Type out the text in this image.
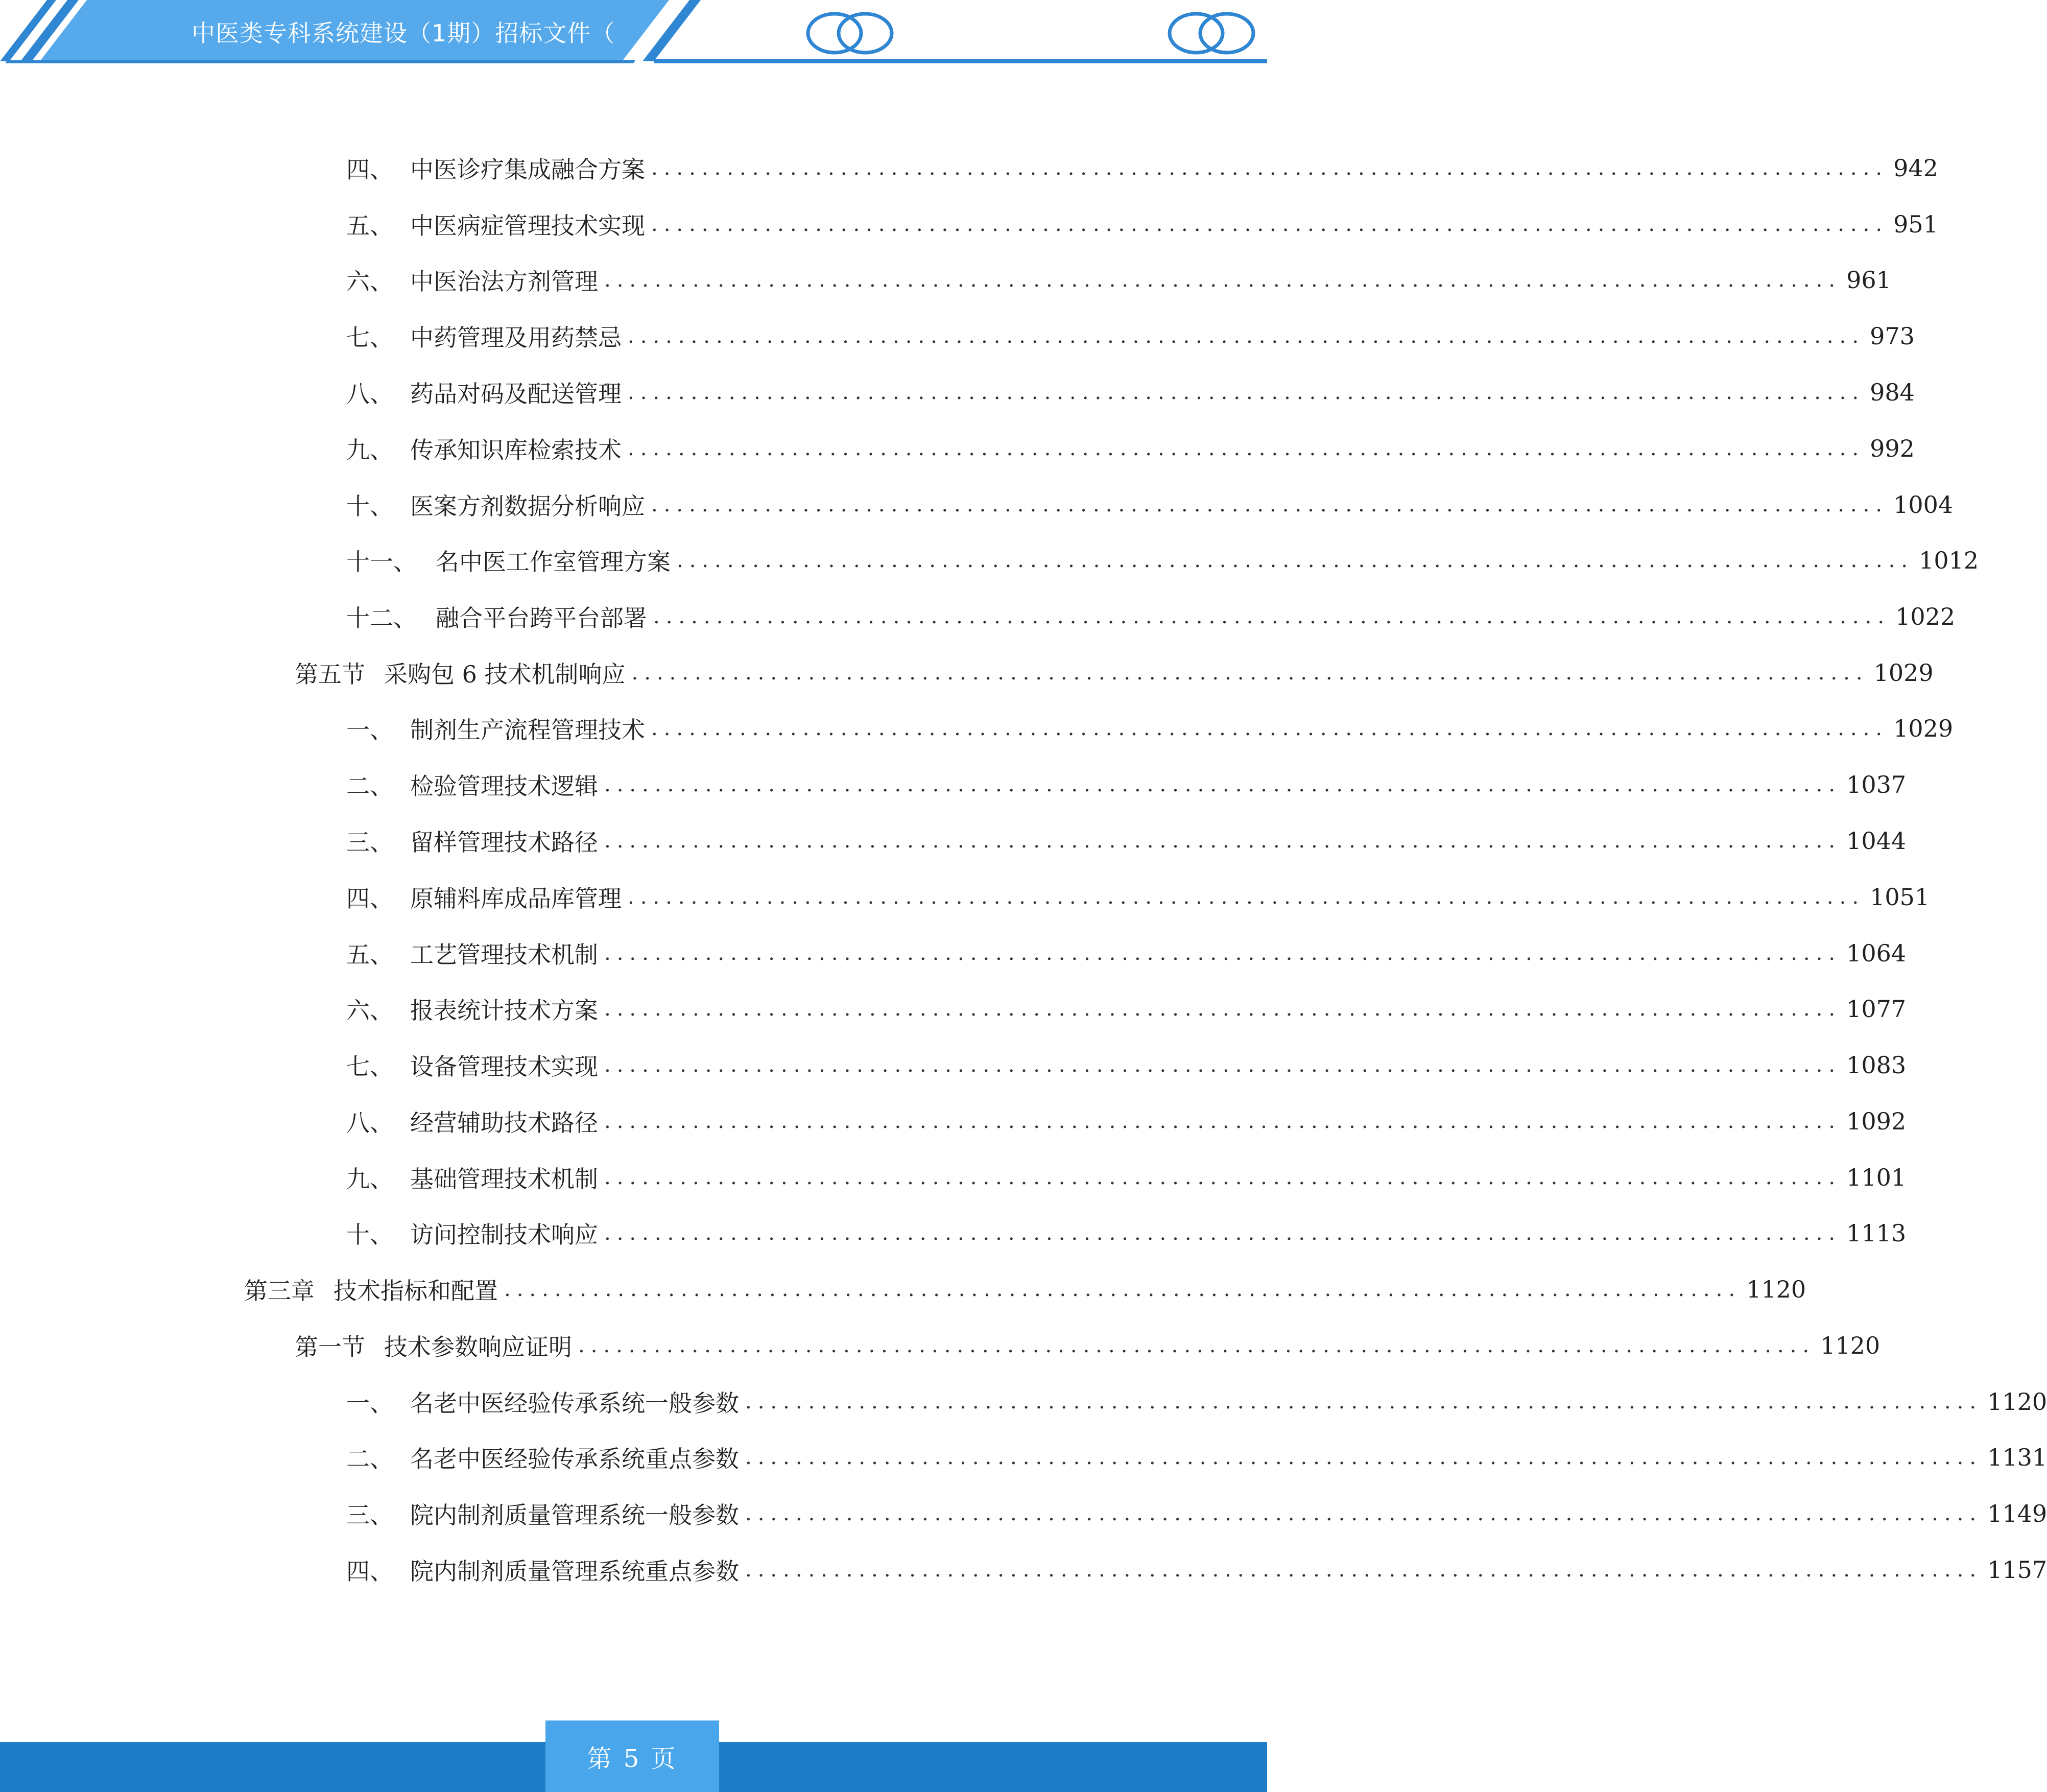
中医类专科系统建设（1期）招标文件（
四、 中医诊疗集成融合方案 .................................................................................................. 942
五、 中医病症管理技术实现 .................................................................................................. 951
六、 中医治法方剂管理 .................................................................................................. 961
七、 中药管理及用药禁忌 .................................................................................................. 973
八、 药品对码及配送管理 .................................................................................................. 984
九、 传承知识库检索技术 .................................................................................................. 992
十、 医案方剂数据分析响应 .................................................................................................. 1004
十一、 名中医工作室管理方案 .................................................................................................. 1012
十二、 融合平台跨平台部署 .................................................................................................. 1022
第五节 采购包 6 技术机制响应 .................................................................................................. 1029
一、 制剂生产流程管理技术 .................................................................................................. 1029
二、 检验管理技术逻辑 .................................................................................................. 1037
三、 留样管理技术路径 .................................................................................................. 1044
四、 原辅料库成品库管理 .................................................................................................. 1051
五、 工艺管理技术机制 .................................................................................................. 1064
六、 报表统计技术方案 .................................................................................................. 1077
七、 设备管理技术实现 .................................................................................................. 1083
八、 经营辅助技术路径 .................................................................................................. 1092
九、 基础管理技术机制 .................................................................................................. 1101
十、 访问控制技术响应 .................................................................................................. 1113
第三章 技术指标和配置 .................................................................................................. 1120
第一节 技术参数响应证明 .................................................................................................. 1120
一、 名老中医经验传承系统一般参数 .................................................................................................. 1120
二、 名老中医经验传承系统重点参数 .................................................................................................. 1131
三、 院内制剂质量管理系统一般参数 .................................................................................................. 1149
四、 院内制剂质量管理系统重点参数 .................................................................................................. 1157
第 5 页
